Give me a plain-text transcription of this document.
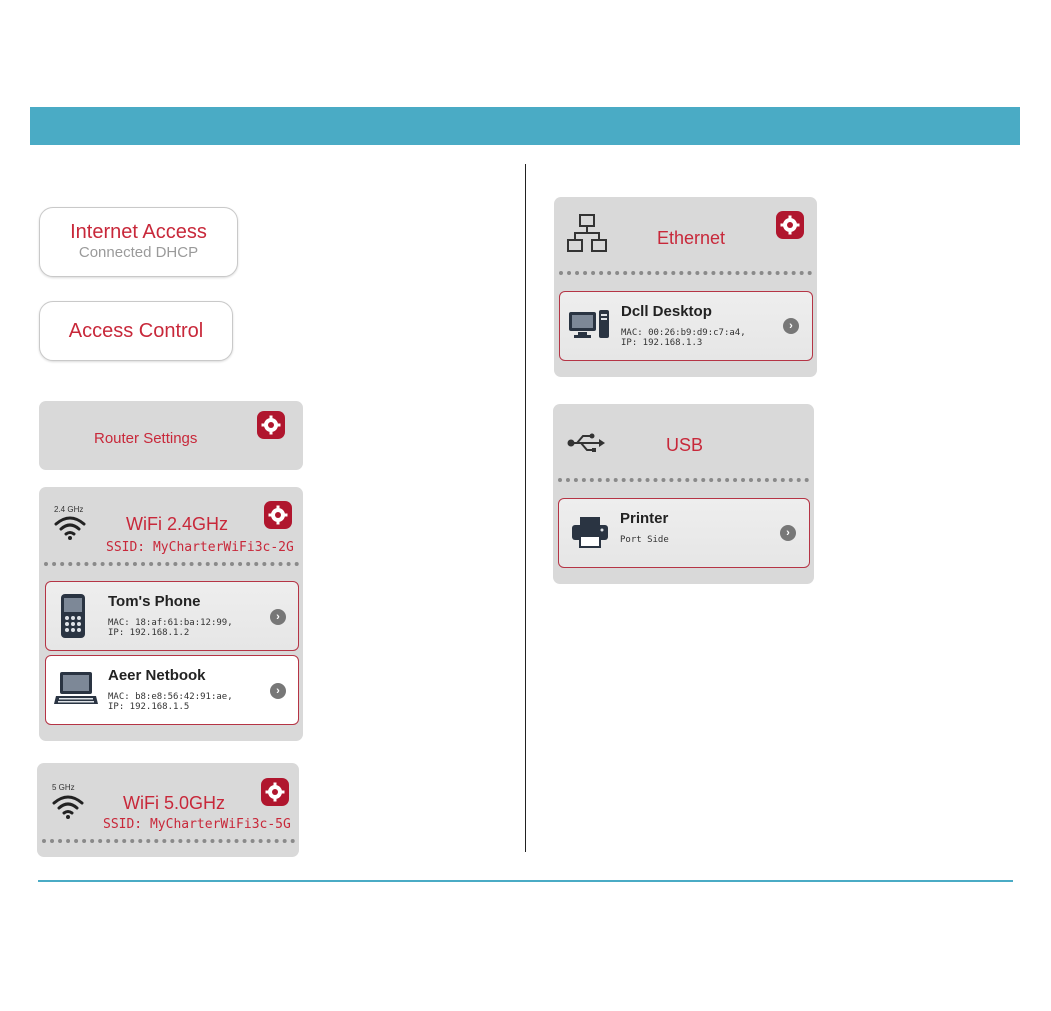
Internet Access
Connected DHCP
Access Control
Router Settings
2.4 GHz
WiFi 2.4GHz
SSID: MyCharterWiFi3c-2G
Tom's Phone
MAC: 18:af:61:ba:12:99,
IP: 192.168.1.2
›
Aeer Netbook
MAC: b8:e8:56:42:91:ae,
IP: 192.168.1.5
›
5 GHz
WiFi 5.0GHz
SSID: MyCharterWiFi3c-5G
Ethernet
Dcll Desktop
MAC: 00:26:b9:d9:c7:a4,
IP: 192.168.1.3
›
USB
Printer
Port Side
›
